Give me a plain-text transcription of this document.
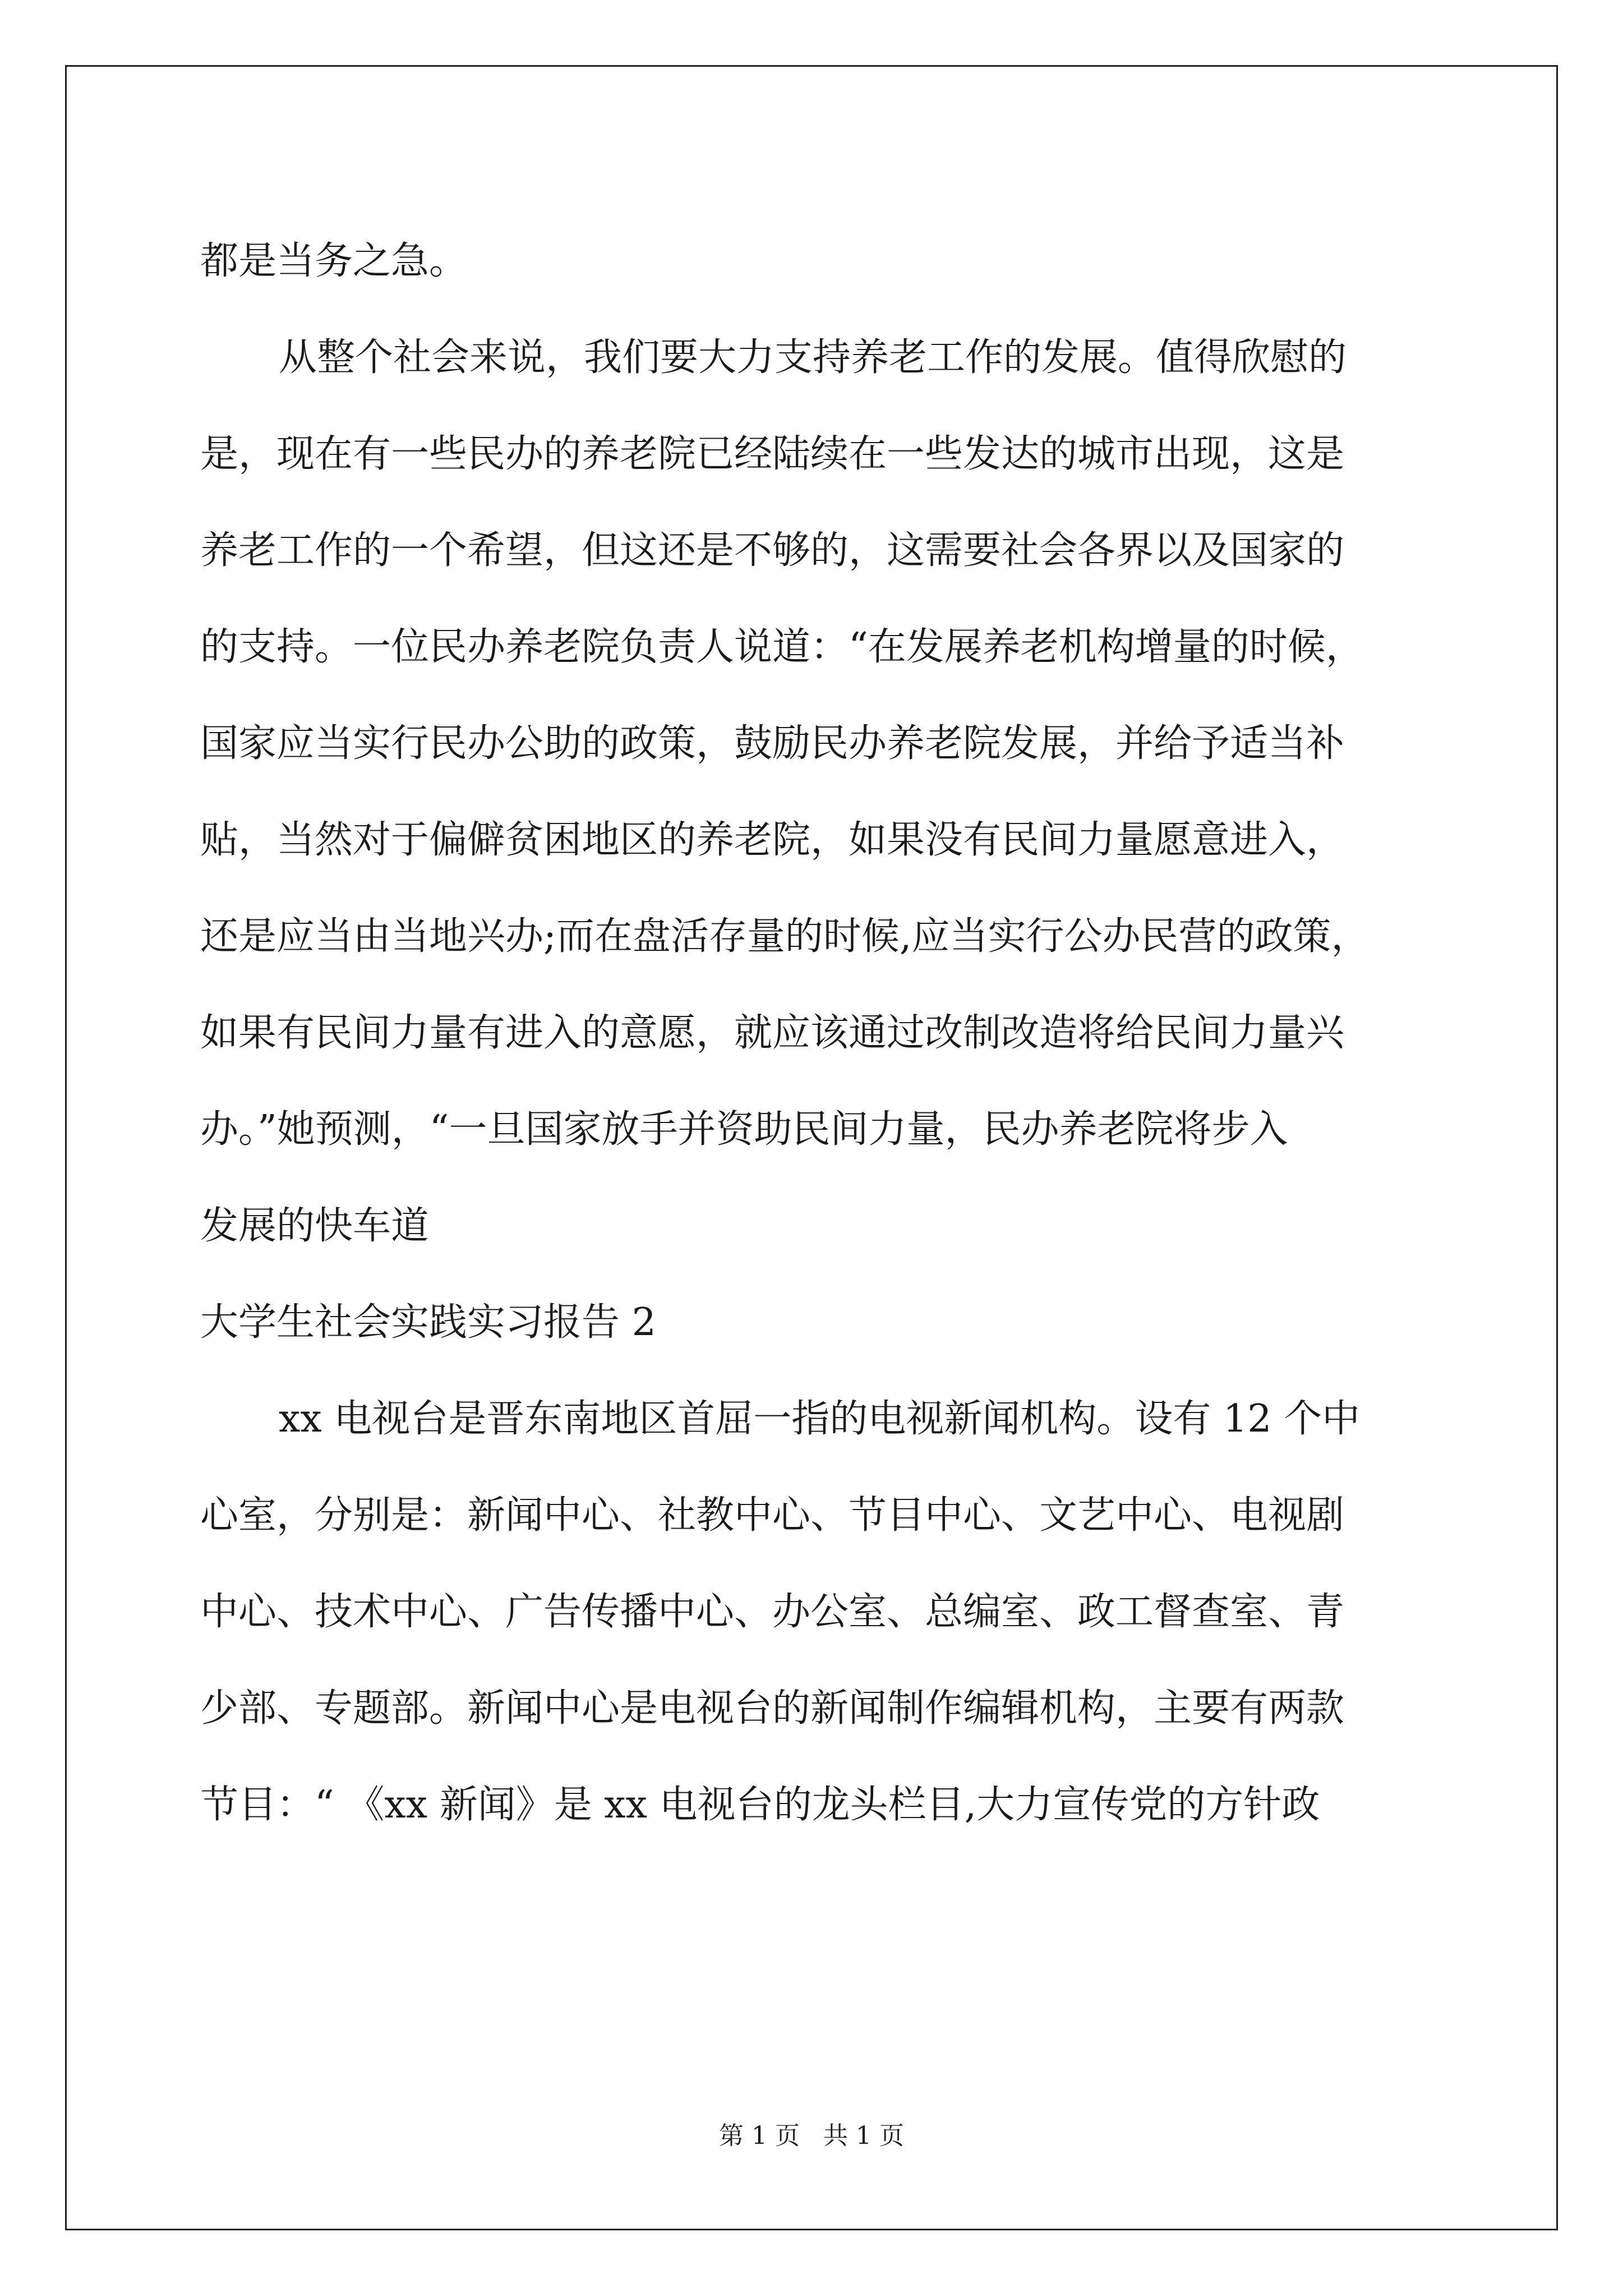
都是当务之急。
从整个社会来说，我们要大力支持养老工作的发展。值得欣慰的
是，现在有一些民办的养老院已经陆续在一些发达的城市出现，这是
养老工作的一个希望，但这还是不够的，这需要社会各界以及国家的
的支持。一位民办养老院负责人说道：“在发展养老机构增量的时候，
国家应当实行民办公助的政策，鼓励民办养老院发展，并给予适当补
贴，当然对于偏僻贫困地区的养老院，如果没有民间力量愿意进入，
还是应当由当地兴办;而在盘活存量的时候,应当实行公办民营的政策，
如果有民间力量有进入的意愿，就应该通过改制改造将给民间力量兴
办。”她预测，“一旦国家放手并资助民间力量，民办养老院将步入
发展的快车道
大学生社会实践实习报告 2
xx 电视台是晋东南地区首屈一指的电视新闻机构。设有 12 个中
心室，分别是：新闻中心、社教中心、节目中心、文艺中心、电视剧
中心、技术中心、广告传播中心、办公室、总编室、政工督查室、青
少部、专题部。新闻中心是电视台的新闻制作编辑机构，主要有两款
节目：“ 《xx 新闻》是 xx 电视台的龙头栏目,大力宣传党的方针政
第 1 页   共 1 页
